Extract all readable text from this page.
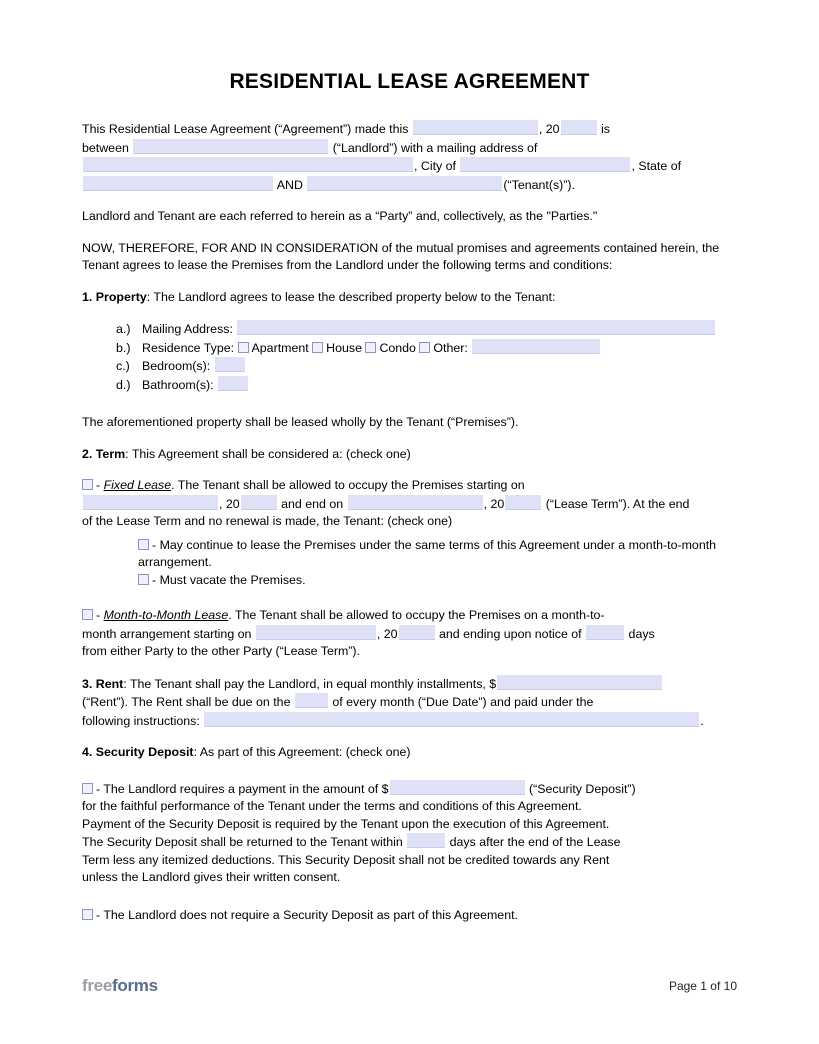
RESIDENTIAL LEASE AGREEMENT

This Residential Lease Agreement (“Agreement”) made this	, 20	is
between	(“Landlord”) with a mailing address of
, City of	, State of
AND	(“Tenant(s)”).

Landlord and Tenant are each referred to herein as a “Party” and, collectively, as the "Parties."

NOW, THEREFORE, FOR AND IN CONSIDERATION of the mutual promises and agreements contained herein, the Tenant agrees to lease the Premises from the Landlord under the following terms and conditions:

1. Property: The Landlord agrees to lease the described property below to the Tenant:

a.) Mailing Address:
b.) Residence Type: Apartment House Condo Other:
c.) Bedroom(s):
d.) Bathroom(s):

The aforementioned property shall be leased wholly by the Tenant (“Premises”).

2. Term: This Agreement shall be considered a: (check one)

- Fixed Lease. The Tenant shall be allowed to occupy the Premises starting on
, 20	and end on	, 20	(“Lease Term”). At the end
of the Lease Term and no renewal is made, the Tenant: (check one)

- May continue to lease the Premises under the same terms of this Agreement under a month-to-month arrangement.
- Must vacate the Premises.

- Month-to-Month Lease. The Tenant shall be allowed to occupy the Premises on a month-to-
month arrangement starting on	, 20	and ending upon notice of	days
from either Party to the other Party (“Lease Term”).

3. Rent: The Tenant shall pay the Landlord, in equal monthly installments, $
(“Rent”). The Rent shall be due on the	of every month (“Due Date”) and paid under the
following instructions:	.

4. Security Deposit: As part of this Agreement: (check one)

- The Landlord requires a payment in the amount of $	(“Security Deposit”)
for the faithful performance of the Tenant under the terms and conditions of this Agreement.
Payment of the Security Deposit is required by the Tenant upon the execution of this Agreement.
The Security Deposit shall be returned to the Tenant within	days after the end of the Lease
Term less any itemized deductions. This Security Deposit shall not be credited towards any Rent
unless the Landlord gives their written consent.

- The Landlord does not require a Security Deposit as part of this Agreement.

freeforms	Page 1 of 10
